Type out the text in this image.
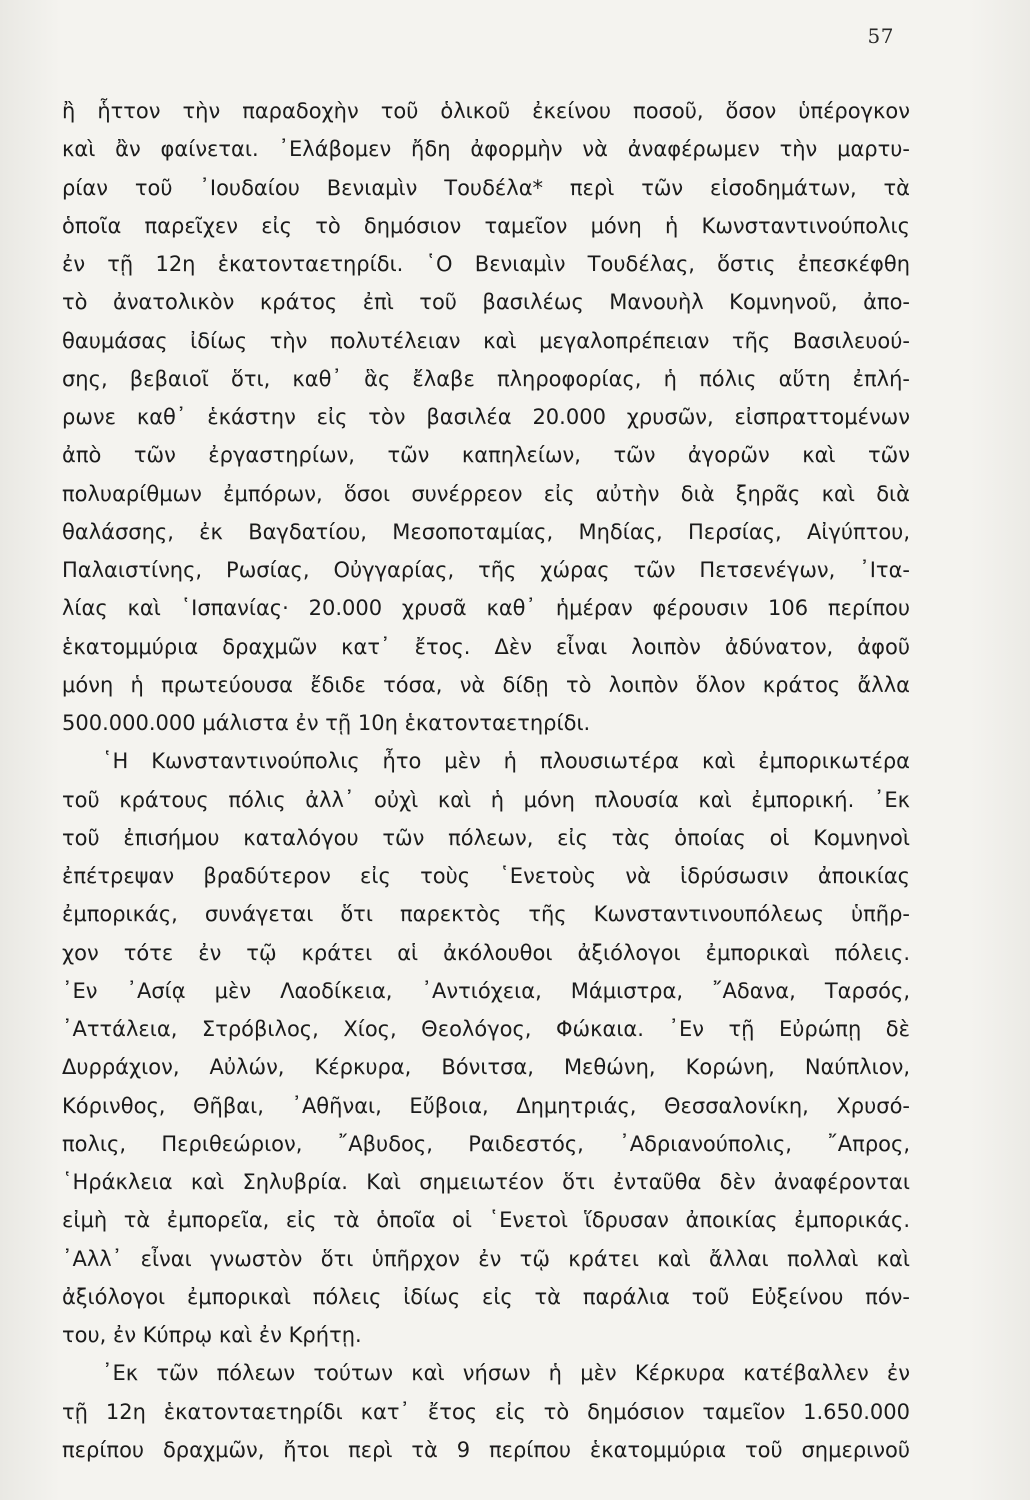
57
ἢ ἧττον τὴν παραδοχὴν τοῦ ὁλικοῦ ἐκείνου ποσοῦ, ὅσον ὑπέρογκον
καὶ ἂν φαίνεται. ᾿Ελάβομεν ἤδη ἀφορμὴν νὰ ἀναφέρωμεν τὴν μαρτυ-
ρίαν τοῦ ᾿Ιουδαίου Βενιαμὶν Τουδέλα* περὶ τῶν εἰσοδημάτων, τὰ
ὁποῖα παρεῖχεν εἰς τὸ δημόσιον ταμεῖον μόνη ἡ Κωνσταντινούπολις
ἐν τῇ 12η ἑκατονταετηρίδι. ῾Ο Βενιαμὶν Τουδέλας, ὅστις ἐπεσκέφθη
τὸ ἀνατολικὸν κράτος ἐπὶ τοῦ βασιλέως Μανουὴλ Κομνηνοῦ, ἀπο-
θαυμάσας ἰδίως τὴν πολυτέλειαν καὶ μεγαλοπρέπειαν τῆς Βασιλευού-
σης, βεβαιοῖ ὅτι, καθ᾿ ἃς ἔλαβε πληροφορίας, ἡ πόλις αὕτη ἐπλή-
ρωνε καθ᾿ ἑκάστην εἰς τὸν βασιλέα 20.000 χρυσῶν, εἰσπραττομένων
ἀπὸ τῶν ἐργαστηρίων, τῶν καπηλείων, τῶν ἀγορῶν καὶ τῶν
πολυαρίθμων ἐμπόρων, ὅσοι συνέρρεον εἰς αὐτὴν διὰ ξηρᾶς καὶ διὰ
θαλάσσης, ἐκ Βαγδατίου, Μεσοποταμίας, Μηδίας, Περσίας, Αἰγύπτου,
Παλαιστίνης, Ρωσίας, Οὐγγαρίας, τῆς χώρας τῶν Πετσενέγων, ᾿Ιτα-
λίας καὶ ῾Ισπανίας· 20.000 χρυσᾶ καθ᾿ ἡμέραν φέρουσιν 106 περίπου
ἑκατομμύρια δραχμῶν κατ᾿ ἔτος. Δὲν εἶναι λοιπὸν ἀδύνατον, ἀφοῦ
μόνη ἡ πρωτεύουσα ἔδιδε τόσα, νὰ δίδῃ τὸ λοιπὸν ὅλον κράτος ἄλλα
500.000.000 μάλιστα ἐν τῇ 10η ἑκατονταετηρίδι.
῾Η Κωνσταντινούπολις ἦτο μὲν ἡ πλουσιωτέρα καὶ ἐμπορικωτέρα
τοῦ κράτους πόλις ἀλλ᾿ οὐχὶ καὶ ἡ μόνη πλουσία καὶ ἐμπορική. ᾿Εκ
τοῦ ἐπισήμου καταλόγου τῶν πόλεων, εἰς τὰς ὁποίας οἱ Κομνηνοὶ
ἐπέτρεψαν βραδύτερον εἰς τοὺς ῾Ενετοὺς νὰ ἱδρύσωσιν ἀποικίας
ἐμπορικάς, συνάγεται ὅτι παρεκτὸς τῆς Κωνσταντινουπόλεως ὑπῆρ-
χον τότε ἐν τῷ κράτει αἱ ἀκόλουθοι ἀξιόλογοι ἐμπορικαὶ πόλεις.
᾿Εν ᾿Ασίᾳ μὲν Λαοδίκεια, ᾿Αντιόχεια, Μάμιστρα, ῎Αδανα, Ταρσός,
᾿Αττάλεια, Στρόβιλος, Χίος, Θεολόγος, Φώκαια. ᾿Εν τῇ Εὐρώπῃ δὲ
Δυρράχιον, Αὐλών, Κέρκυρα, Βόνιτσα, Μεθώνη, Κορώνη, Ναύπλιον,
Κόρινθος, Θῆβαι, ᾿Αθῆναι, Εὔβοια, Δημητριάς, Θεσσαλονίκη, Χρυσό-
πολις, Περιθεώριον, ῎Αβυδος, Ραιδεστός, ᾿Αδριανούπολις, ῎Απρος,
῾Ηράκλεια καὶ Σηλυβρία. Καὶ σημειωτέον ὅτι ἐνταῦθα δὲν ἀναφέρονται
εἰμὴ τὰ ἐμπορεῖα, εἰς τὰ ὁποῖα οἱ ῾Ενετοὶ ἵδρυσαν ἀποικίας ἐμπορικάς.
᾿Αλλ᾿ εἶναι γνωστὸν ὅτι ὑπῆρχον ἐν τῷ κράτει καὶ ἄλλαι πολλαὶ καὶ
ἀξιόλογοι ἐμπορικαὶ πόλεις ἰδίως εἰς τὰ παράλια τοῦ Εὐξείνου πόν-
του, ἐν Κύπρῳ καὶ ἐν Κρήτῃ.
᾿Εκ τῶν πόλεων τούτων καὶ νήσων ἡ μὲν Κέρκυρα κατέβαλλεν ἐν
τῇ 12η ἑκατονταετηρίδι κατ᾿ ἔτος εἰς τὸ δημόσιον ταμεῖον 1.650.000
περίπου δραχμῶν, ἤτοι περὶ τὰ 9 περίπου ἑκατομμύρια τοῦ σημερινοῦ
